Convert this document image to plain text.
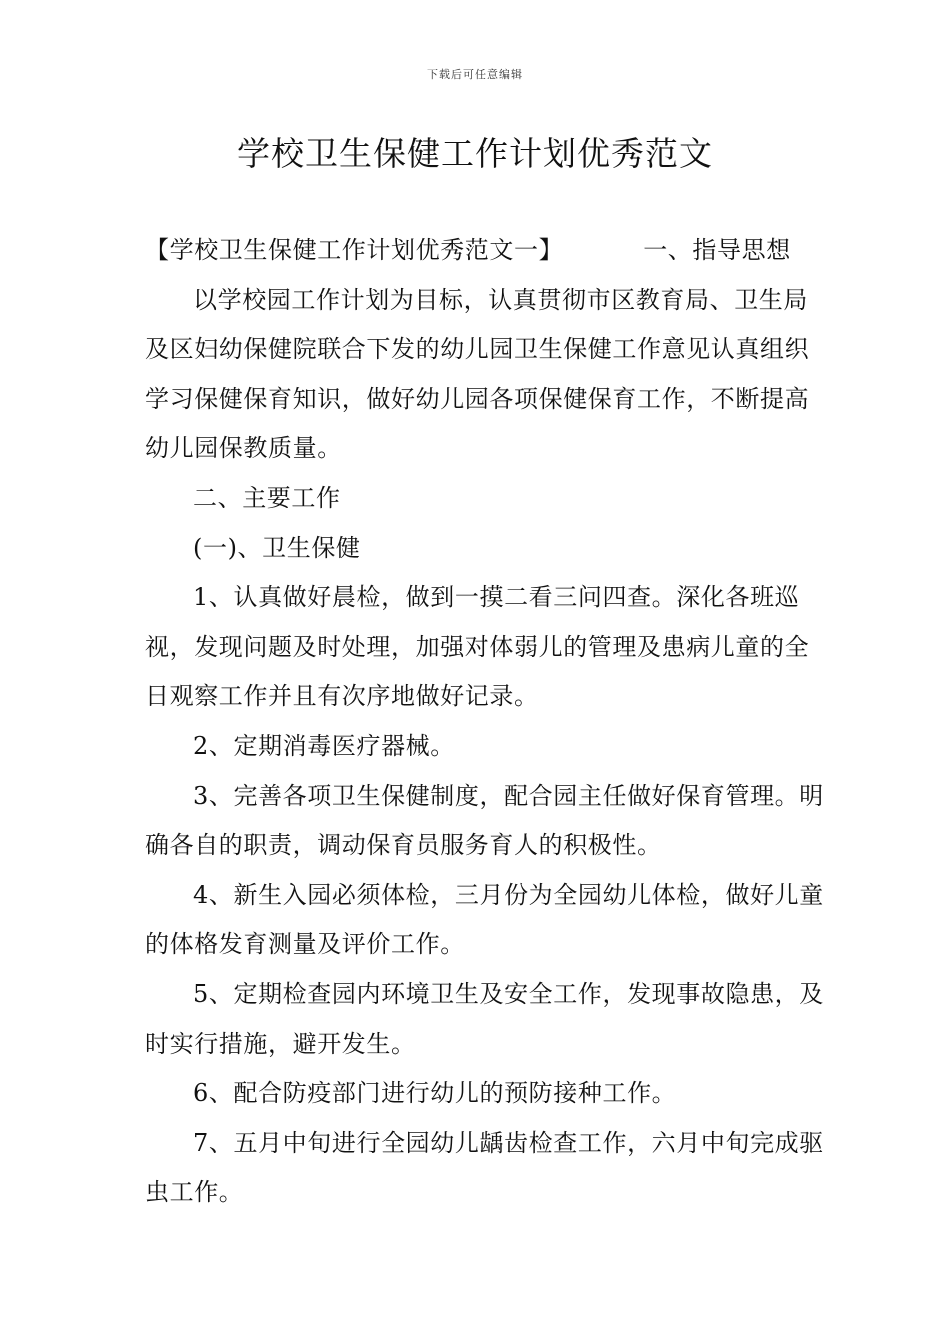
下载后可任意编辑
学校卫生保健工作计划优秀范文

【学校卫生保健工作计划优秀范文一】	一、指导思想

以学校园工作计划为目标，认真贯彻市区教育局、卫生局及区妇幼保健院联合下发的幼儿园卫生保健工作意见认真组织学习保健保育知识，做好幼儿园各项保健保育工作，不断提高幼儿园保教质量。

二、主要工作

(一)、卫生保健

1、认真做好晨检，做到一摸二看三问四查。深化各班巡视，发现问题及时处理，加强对体弱儿的管理及患病儿童的全日观察工作并且有次序地做好记录。

2、定期消毒医疗器械。

3、完善各项卫生保健制度，配合园主任做好保育管理。明确各自的职责，调动保育员服务育人的积极性。

4、新生入园必须体检，三月份为全园幼儿体检，做好儿童的体格发育测量及评价工作。

5、定期检查园内环境卫生及安全工作，发现事故隐患，及时实行措施，避开发生。

6、配合防疫部门进行幼儿的预防接种工作。

7、五月中旬进行全园幼儿龋齿检查工作，六月中旬完成驱虫工作。
